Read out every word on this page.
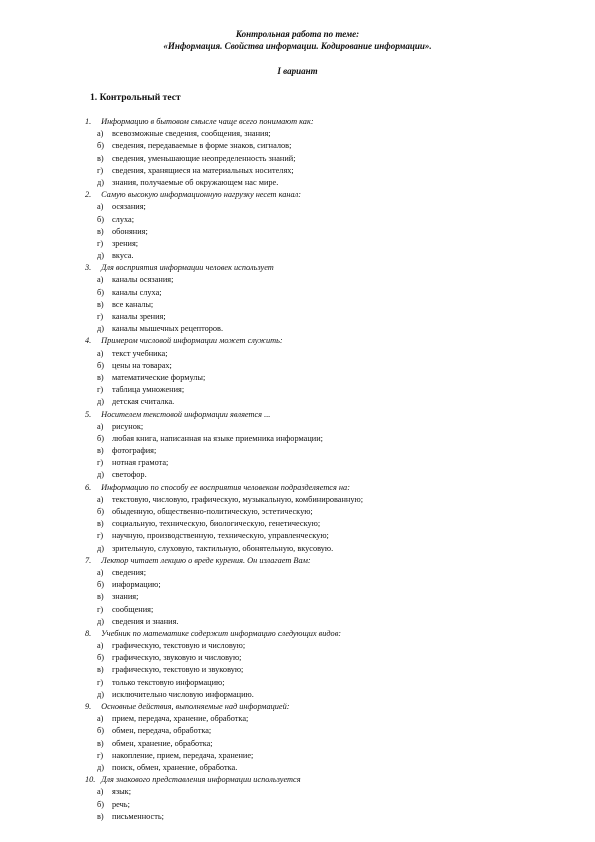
Контрольная работа по теме:
«Информация. Свойства информации. Кодирование информации».
I вариант
1. Контрольный тест
1. Информацию в бытовом смысле чаще всего понимают как:
а) всевозможные сведения, сообщения, знания;
б) сведения, передаваемые в форме знаков, сигналов;
в) сведения, уменьшающие неопределенность знаний;
г) сведения, хранящиеся на материальных носителях;
д) знания, получаемые об окружающем нас мире.
2. Самую высокую информационную нагрузку несет канал:
а) осязания;
б) слуха;
в) обоняния;
г) зрения;
д) вкуса.
3. Для восприятия информации человек использует
а) каналы осязания;
б) каналы слуха;
в) все каналы;
г) каналы зрения;
д) каналы мышечных рецепторов.
4. Примером числовой информации может служить:
а) текст учебника;
б) цены на товарах;
в) математические формулы;
г) таблица умножения;
д) детская считалка.
5. Носителем текстовой информации является ...
а) рисунок;
б) любая книга, написанная на языке приемника информации;
в) фотография;
г) нотная грамота;
д) светофор.
6. Информацию по способу ее восприятия человеком подразделяется на:
а) текстовую, числовую, графическую, музыкальную, комбинированную;
б) обыденную, общественно-политическую, эстетическую;
в) социальную, техническую, биологическую, генетическую;
г) научную, производственную, техническую, управленческую;
д) зрительную, слуховую, тактильную, обонятельную, вкусовую.
7. Лектор читает лекцию о вреде курения. Он излагает Вам:
а) сведения;
б) информацию;
в) знания;
г) сообщения;
д) сведения и знания.
8. Учебник по математике содержит информацию следующих видов:
а) графическую, текстовую и числовую;
б) графическую, звуковую и числовую;
в) графическую, текстовую и звуковую;
г) только текстовую информацию;
д) исключительно числовую информацию.
9. Основные действия, выполняемые над информацией:
а) прием, передача, хранение, обработка;
б) обмен, передача, обработка;
в) обмен, хранение, обработка;
г) накопление, прием, передача, хранение;
д) поиск, обмен, хранение, обработка.
10. Для знакового представления информации используется
а) язык;
б) речь;
в) письменность;
